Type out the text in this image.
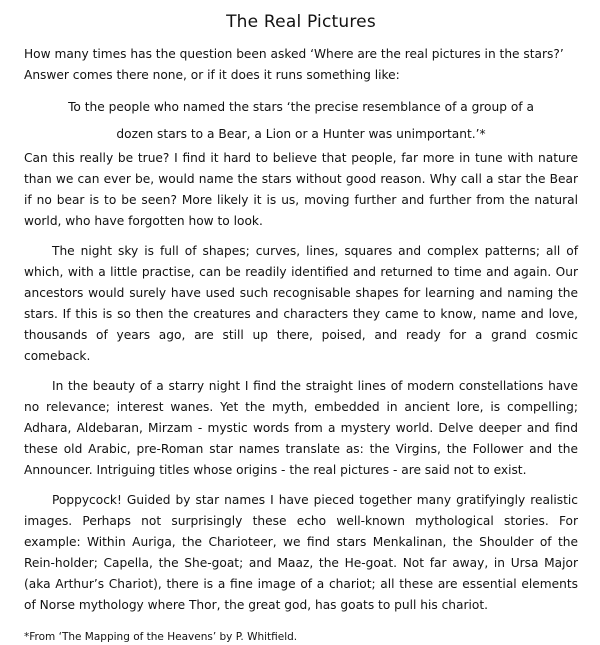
The Real Pictures

How many times has the question been asked ‘Where are the real pictures in the stars?’ Answer comes there none, or if it does it runs something like:

To the people who named the stars ‘the precise resemblance of a group of a dozen stars to a Bear, a Lion or a Hunter was unimportant.’*

Can this really be true? I find it hard to believe that people, far more in tune with nature than we can ever be, would name the stars without good reason. Why call a star the Bear if no bear is to be seen? More likely it is us, moving further and further from the natural world, who have forgotten how to look.

The night sky is full of shapes; curves, lines, squares and complex patterns; all of which, with a little practise, can be readily identified and returned to time and again. Our ancestors would surely have used such recognisable shapes for learning and naming the stars. If this is so then the creatures and characters they came to know, name and love, thousands of years ago, are still up there, poised, and ready for a grand cosmic comeback.

In the beauty of a starry night I find the straight lines of modern constellations have no relevance; interest wanes. Yet the myth, embedded in ancient lore, is compelling; Adhara, Aldebaran, Mirzam - mystic words from a mystery world. Delve deeper and find these old Arabic, pre-Roman star names translate as: the Virgins, the Follower and the Announcer. Intriguing titles whose origins - the real pictures - are said not to exist.

Poppycock! Guided by star names I have pieced together many gratifyingly realistic images. Perhaps not surprisingly these echo well-known mythological stories. For example: Within Auriga, the Charioteer, we find stars Menkalinan, the Shoulder of the Rein-holder; Capella, the She-goat; and Maaz, the He-goat. Not far away, in Ursa Major (aka Arthur’s Chariot), there is a fine image of a chariot; all these are essential elements of Norse mythology where Thor, the great god, has goats to pull his chariot.

*From ‘The Mapping of the Heavens’ by P. Whitfield.
